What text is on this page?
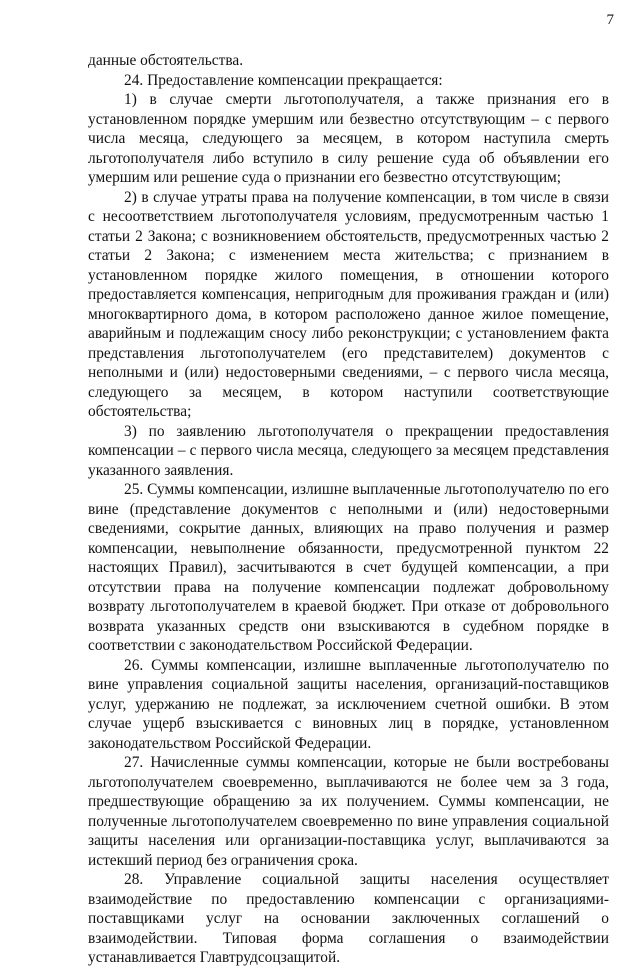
7

данные обстоятельства.

24. Предоставление компенсации прекращается:

1) в случае смерти льготополучателя, а также признания его в установленном порядке умершим или безвестно отсутствующим – с первого числа месяца, следующего за месяцем, в котором наступила смерть льготополучателя либо вступило в силу решение суда об объявлении его умершим или решение суда о признании его безвестно отсутствующим;

2) в случае утраты права на получение компенсации, в том числе в связи с несоответствием льготополучателя условиям, предусмотренным частью 1 статьи 2 Закона; с возникновением обстоятельств, предусмотренных частью 2 статьи 2 Закона; с изменением места жительства; с признанием в установленном порядке жилого помещения, в отношении которого предоставляется компенсация, непригодным для проживания граждан и (или) многоквартирного дома, в котором расположено данное жилое помещение, аварийным и подлежащим сносу либо реконструкции; с установлением факта представления льготополучателем (его представителем) документов с неполными и (или) недостоверными сведениями, – с первого числа месяца, следующего за месяцем, в котором наступили соответствующие обстоятельства;

3) по заявлению льготополучателя о прекращении предоставления компенсации – с первого числа месяца, следующего за месяцем представления указанного заявления.

25. Суммы компенсации, излишне выплаченные льготополучателю по его вине (представление документов с неполными и (или) недостоверными сведениями, сокрытие данных, влияющих на право получения и размер компенсации, невыполнение обязанности, предусмотренной пунктом 22 настоящих Правил), засчитываются в счет будущей компенсации, а при отсутствии права на получение компенсации подлежат добровольному возврату льготополучателем в краевой бюджет. При отказе от добровольного возврата указанных средств они взыскиваются в судебном порядке в соответствии с законодательством Российской Федерации.

26. Суммы компенсации, излишне выплаченные льготополучателю по вине управления социальной защиты населения, организаций-поставщиков услуг, удержанию не подлежат, за исключением счетной ошибки. В этом случае ущерб взыскивается с виновных лиц в порядке, установленном законодательством Российской Федерации.

27. Начисленные суммы компенсации, которые не были востребованы льготополучателем своевременно, выплачиваются не более чем за 3 года, предшествующие обращению за их получением. Суммы компенсации, не полученные льготополучателем своевременно по вине управления социальной защиты населения или организации-поставщика услуг, выплачиваются за истекший период без ограничения срока.

28. Управление социальной защиты населения осуществляет взаимодействие по предоставлению компенсации с организациями-поставщиками услуг на основании заключенных соглашений о взаимодействии. Типовая форма соглашения о взаимодействии устанавливается Главтрудсоцзащитой.
